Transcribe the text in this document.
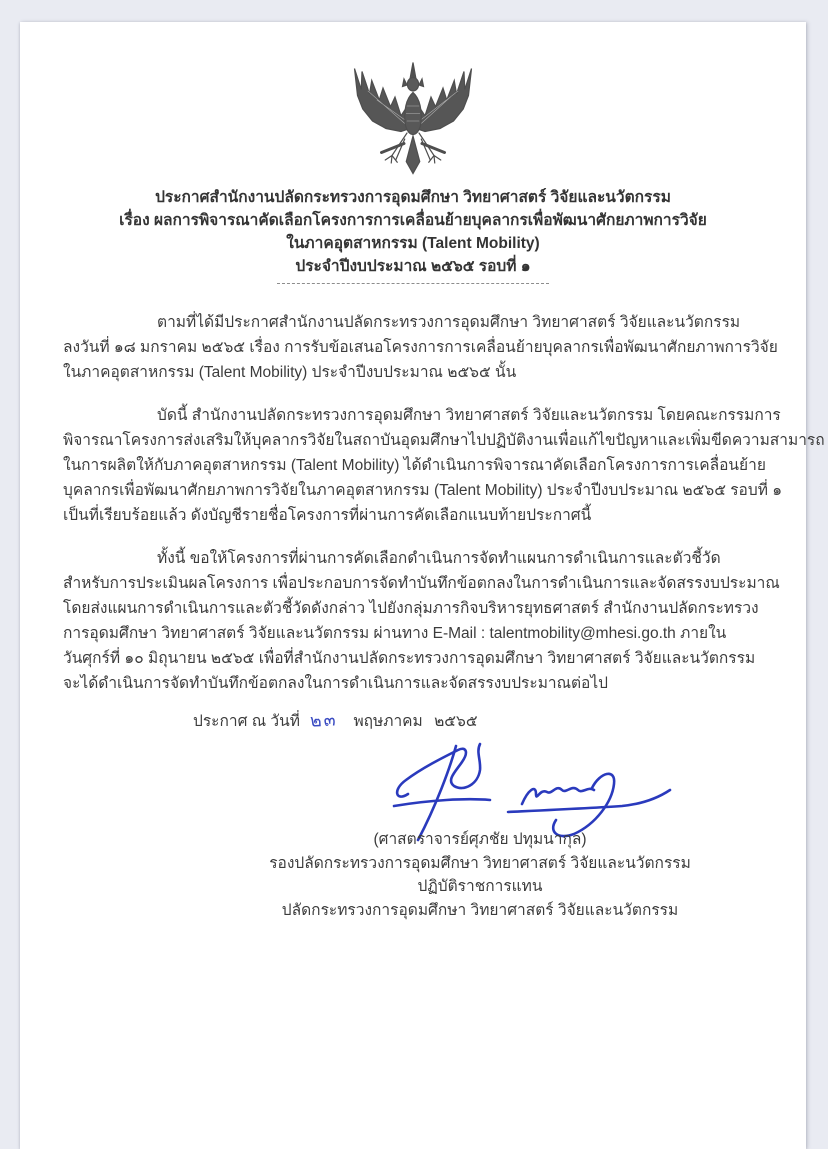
ประกาศสำนักงานปลัดกระทรวงการอุดมศึกษา วิทยาศาสตร์ วิจัยและนวัตกรรม
เรื่อง ผลการพิจารณาคัดเลือกโครงการการเคลื่อนย้ายบุคลากรเพื่อพัฒนาศักยภาพการวิจัย
ในภาคอุตสาหกรรม (Talent Mobility)
ประจำปีงบประมาณ ๒๕๖๕ รอบที่ ๑
ตามที่ได้มีประกาศสำนักงานปลัดกระทรวงการอุดมศึกษา วิทยาศาสตร์ วิจัยและนวัตกรรม
ลงวันที่ ๑๘ มกราคม ๒๕๖๕ เรื่อง การรับข้อเสนอโครงการการเคลื่อนย้ายบุคลากรเพื่อพัฒนาศักยภาพการวิจัย
ในภาคอุตสาหกรรม (Talent Mobility) ประจำปีงบประมาณ ๒๕๖๕ นั้น
บัดนี้ สำนักงานปลัดกระทรวงการอุดมศึกษา วิทยาศาสตร์ วิจัยและนวัตกรรม โดยคณะกรรมการ
พิจารณาโครงการส่งเสริมให้บุคลากรวิจัยในสถาบันอุดมศึกษาไปปฏิบัติงานเพื่อแก้ไขปัญหาและเพิ่มขีดความสามารถ
ในการผลิตให้กับภาคอุตสาหกรรม (Talent Mobility) ได้ดำเนินการพิจารณาคัดเลือกโครงการการเคลื่อนย้าย
บุคลากรเพื่อพัฒนาศักยภาพการวิจัยในภาคอุตสาหกรรม (Talent Mobility) ประจำปีงบประมาณ ๒๕๖๕ รอบที่ ๑
เป็นที่เรียบร้อยแล้ว ดังบัญชีรายชื่อโครงการที่ผ่านการคัดเลือกแนบท้ายประกาศนี้
ทั้งนี้ ขอให้โครงการที่ผ่านการคัดเลือกดำเนินการจัดทำแผนการดำเนินการและตัวชี้วัด
สำหรับการประเมินผลโครงการ เพื่อประกอบการจัดทำบันทึกข้อตกลงในการดำเนินการและจัดสรรงบประมาณ
โดยส่งแผนการดำเนินการและตัวชี้วัดดังกล่าว ไปยังกลุ่มภารกิจบริหารยุทธศาสตร์ สำนักงานปลัดกระทรวง
การอุดมศึกษา วิทยาศาสตร์ วิจัยและนวัตกรรม ผ่านทาง E-Mail : talentmobility@mhesi.go.th ภายใน
วันศุกร์ที่ ๑๐ มิถุนายน ๒๕๖๕ เพื่อที่สำนักงานปลัดกระทรวงการอุดมศึกษา วิทยาศาสตร์ วิจัยและนวัตกรรม
จะได้ดำเนินการจัดทำบันทึกข้อตกลงในการดำเนินการและจัดสรรงบประมาณต่อไป
ประกาศ ณ วันที่ ๒๓ พฤษภาคม ๒๕๖๕
(ศาสตราจารย์ศุภชัย ปทุมนากุล)
รองปลัดกระทรวงการอุดมศึกษา วิทยาศาสตร์ วิจัยและนวัตกรรม
ปฏิบัติราชการแทน
ปลัดกระทรวงการอุดมศึกษา วิทยาศาสตร์ วิจัยและนวัตกรรม
